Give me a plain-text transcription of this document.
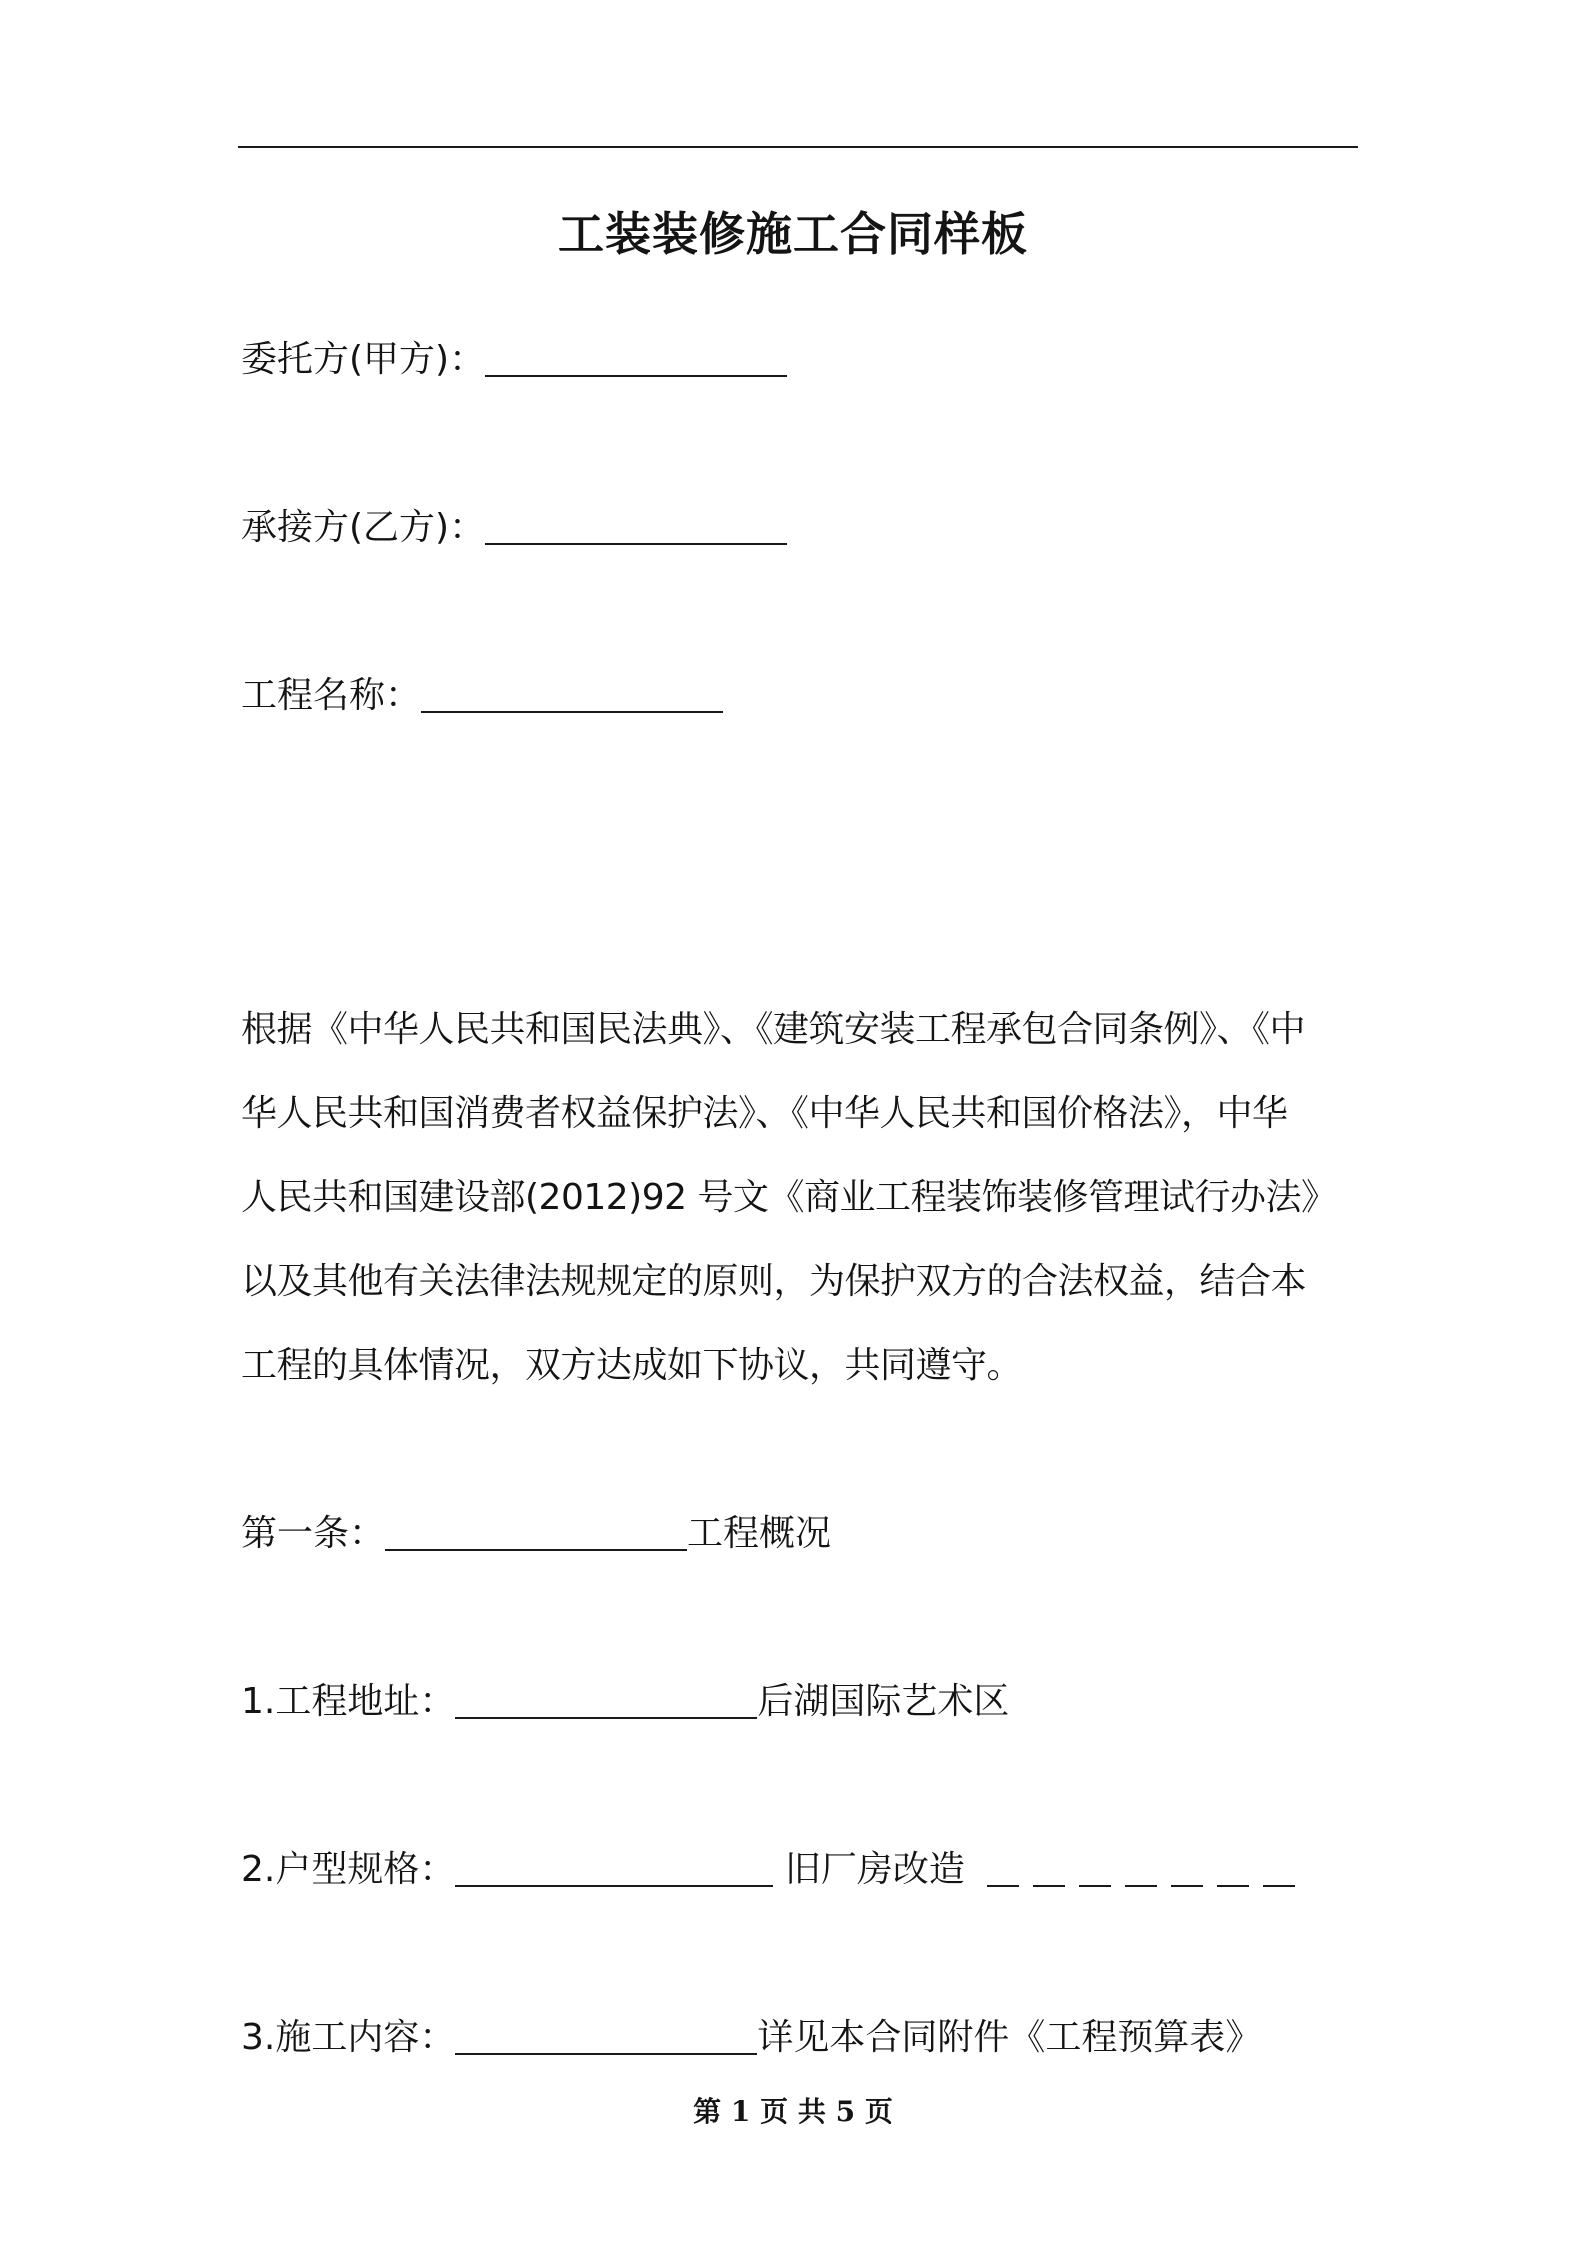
工装装修施工合同样板
委托方(甲方)：
承接方(乙方)：
工程名称：
根据《中华人民共和国民法典》、《建筑安装工程承包合同条例》、《中
华人民共和国消费者权益保护法》、《中华人民共和国价格法》，中华
人民共和国建设部(2012)92 号文《商业工程装饰装修管理试行办法》
以及其他有关法律法规规定的原则，为保护双方的合法权益，结合本
工程的具体情况，双方达成如下协议，共同遵守。
第一条：	工程概况
1.工程地址：	后湖国际艺术区
2.户型规格：	旧厂房改造
3.施工内容：	详见本合同附件《工程预算表》
第 1 页 共 5 页
